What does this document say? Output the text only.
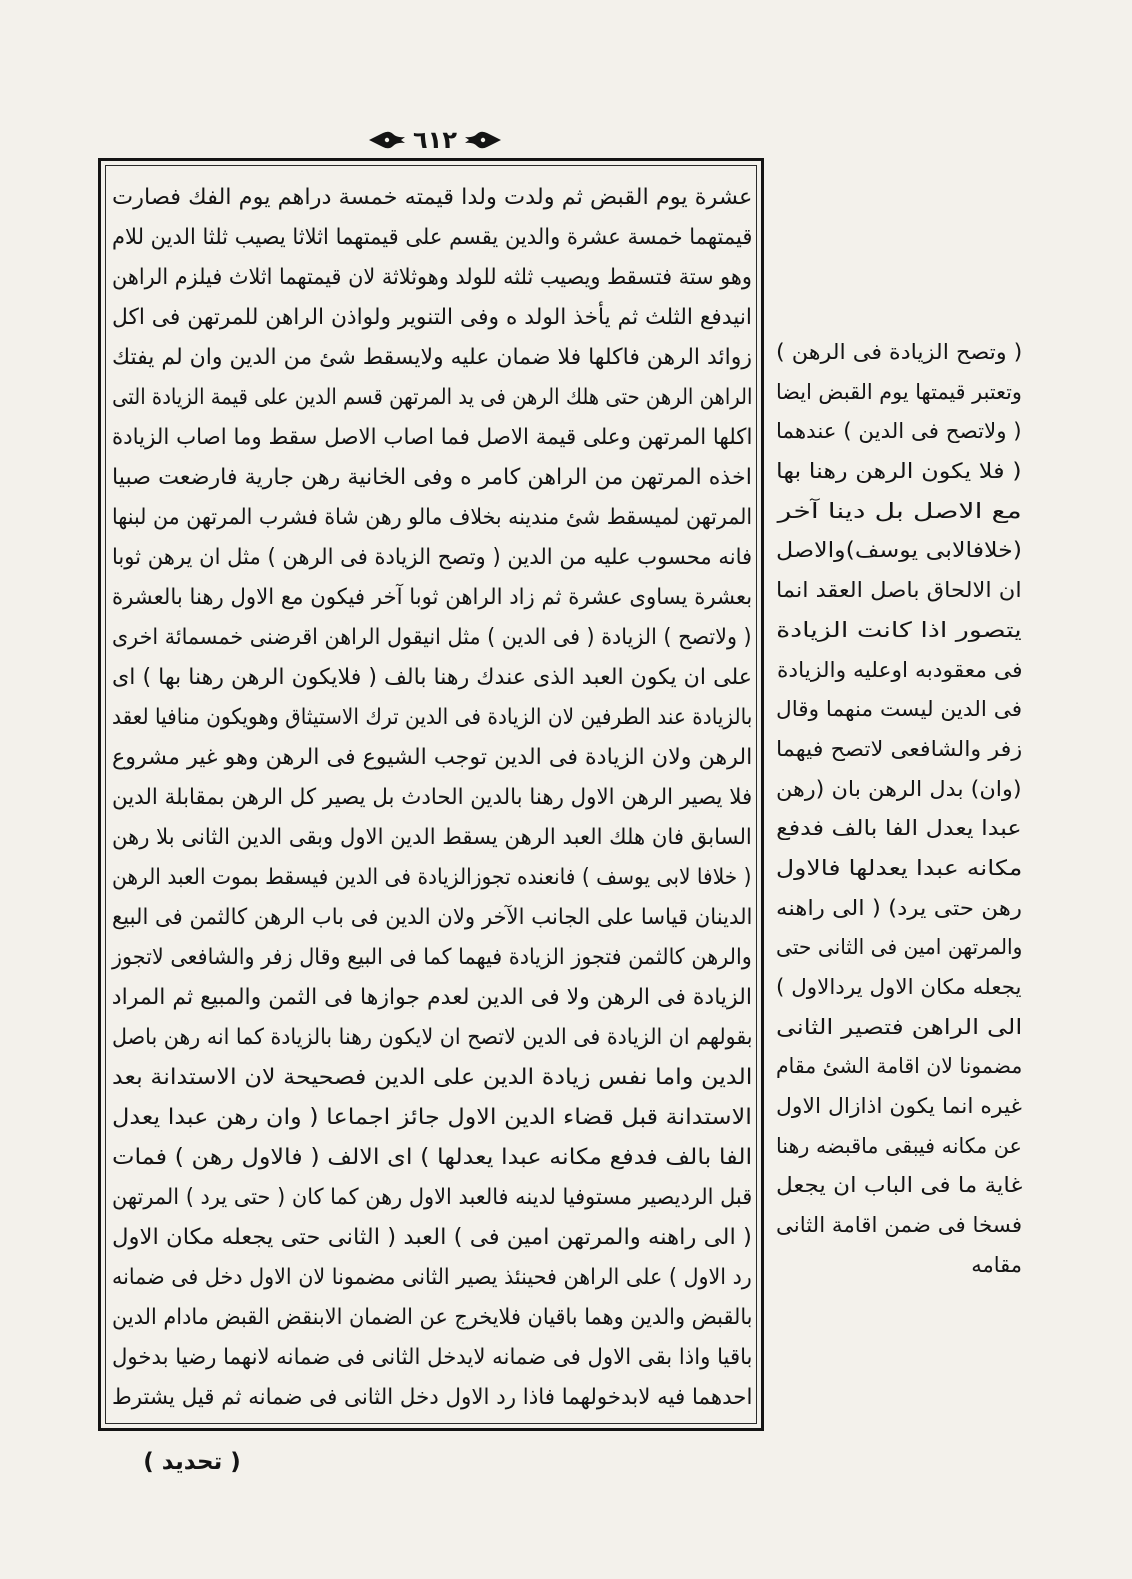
٦١٢
عشرة يوم القبض ثم ولدت ولدا قيمته خمسة دراهم يوم الفك فصارت
قيمتهما خمسة عشرة والدين يقسم على قيمتهما اثلاثا يصيب ثلثا الدين للام
وهو ستة فتسقط ويصيب ثلثه للولد وهوثلاثة لان قيمتهما اثلاث فيلزم الراهن
انيدفع الثلث ثم يأخذ الولد ه وفى التنوير ولواذن الراهن للمرتهن فى اكل
زوائد الرهن فاكلها فلا ضمان عليه ولايسقط شئ من الدين وان لم يفتك
الراهن الرهن حتى هلك الرهن فى يد المرتهن قسم الدين على قيمة الزيادة التى
اكلها المرتهن وعلى قيمة الاصل فما اصاب الاصل سقط وما اصاب الزيادة
اخذه المرتهن من الراهن كامر ه وفى الخانية رهن جارية فارضعت صبيا
المرتهن لميسقط شئ مندينه بخلاف مالو رهن شاة فشرب المرتهن من لبنها
فانه محسوب عليه من الدين ( وتصح الزيادة فى الرهن ) مثل ان يرهن ثوبا
بعشرة يساوى عشرة ثم زاد الراهن ثوبا آخر فيكون مع الاول رهنا بالعشرة
( ولاتصح ) الزيادة ( فى الدين ) مثل انيقول الراهن اقرضنى خمسمائة اخرى
على ان يكون العبد الذى عندك رهنا بالف ( فلايكون الرهن رهنا بها ) اى
بالزيادة عند الطرفين لان الزيادة فى الدين ترك الاستيثاق وهويكون منافيا لعقد
الرهن ولان الزيادة فى الدين توجب الشيوع فى الرهن وهو غير مشروع
فلا يصير الرهن الاول رهنا بالدين الحادث بل يصير كل الرهن بمقابلة الدين
السابق فان هلك العبد الرهن يسقط الدين الاول وبقى الدين الثانى بلا رهن
( خلافا لابى يوسف ) فانعنده تجوزالزيادة فى الدين فيسقط بموت العبد الرهن
الدينان قياسا على الجانب الآخر ولان الدين فى باب الرهن كالثمن فى البيع
والرهن كالثمن فتجوز الزيادة فيهما كما فى البيع وقال زفر والشافعى لاتجوز
الزيادة فى الرهن ولا فى الدين لعدم جوازها فى الثمن والمبيع ثم المراد
بقولهم ان الزيادة فى الدين لاتصح ان لايكون رهنا بالزيادة كما انه رهن باصل
الدين واما نفس زيادة الدين على الدين فصحيحة لان الاستدانة بعد
الاستدانة قبل قضاء الدين الاول جائز اجماعا ( وان رهن عبدا يعدل
الفا بالف فدفع مكانه عبدا يعدلها ) اى الالف ( فالاول رهن ) فمات
قبل الرديصير مستوفيا لدينه فالعبد الاول رهن كما كان ( حتى يرد ) المرتهن
( الى راهنه والمرتهن امين فى ) العبد ( الثانى حتى يجعله مكان الاول
رد الاول ) على الراهن فحينئذ يصير الثانى مضمونا لان الاول دخل فى ضمانه
بالقبض والدين وهما باقيان فلايخرج عن الضمان الابنقض القبض مادام الدين
باقيا واذا بقى الاول فى ضمانه لايدخل الثانى فى ضمانه لانهما رضيا بدخول
احدهما فيه لابدخولهما فاذا رد الاول دخل الثانى فى ضمانه ثم قيل يشترط
( وتصح الزيادة فى الرهن )
وتعتبر قيمتها يوم القبض ايضا
( ولاتصح فى الدين ) عندهما
( فلا يكون الرهن رهنا بها
مع الاصل بل دينا آخر
(خلافالابى يوسف)والاصل
ان الالحاق باصل العقد انما
يتصور اذا كانت الزيادة
فى معقودبه اوعليه والزيادة
فى الدين ليست منهما وقال
زفر والشافعى لاتصح فيهما
(وان) بدل الرهن بان (رهن
عبدا يعدل الفا بالف فدفع
مكانه عبدا يعدلها فالاول
رهن حتى يرد) ( الى راهنه
والمرتهن امين فى الثانى حتى
يجعله مكان الاول يردالاول )
الى الراهن فتصير الثانى
مضمونا لان اقامة الشئ مقام
غيره انما يكون اذازال الاول
عن مكانه فيبقى ماقبضه رهنا
غاية ما فى الباب ان يجعل
فسخا فى ضمن اقامة الثانى
مقامه
( تحديد )
